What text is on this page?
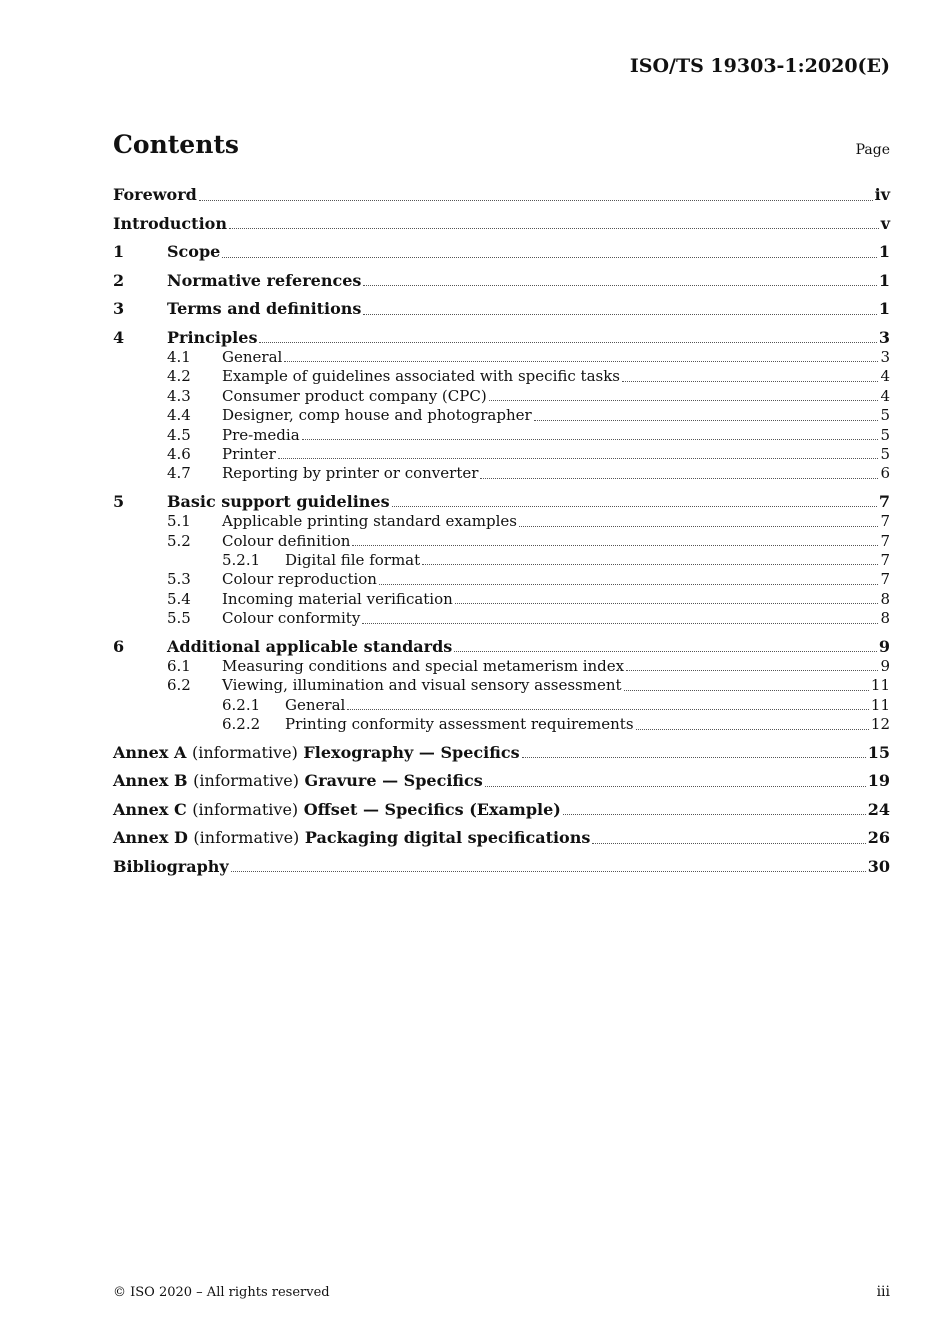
ISO/TS 19303-1:2020(E)
Contents	Page
Foreword	iv
Introduction	v
1	Scope	1
2	Normative references	1
3	Terms and definitions	1
4	Principles	3
4.1	General	3
4.2	Example of guidelines associated with specific tasks	4
4.3	Consumer product company (CPC)	4
4.4	Designer, comp house and photographer	5
4.5	Pre-media	5
4.6	Printer	5
4.7	Reporting by printer or converter	6
5	Basic support guidelines	7
5.1	Applicable printing standard examples	7
5.2	Colour definition	7
5.2.1	Digital file format	7
5.3	Colour reproduction	7
5.4	Incoming material verification	8
5.5	Colour conformity	8
6	Additional applicable standards	9
6.1	Measuring conditions and special metamerism index	9
6.2	Viewing, illumination and visual sensory assessment	11
6.2.1	General	11
6.2.2	Printing conformity assessment requirements	12
Annex A (informative) Flexography — Specifics	15
Annex B (informative) Gravure — Specifics	19
Annex C (informative) Offset — Specifics (Example)	24
Annex D (informative) Packaging digital specifications	26
Bibliography	30
© ISO 2020 – All rights reserved	iii
